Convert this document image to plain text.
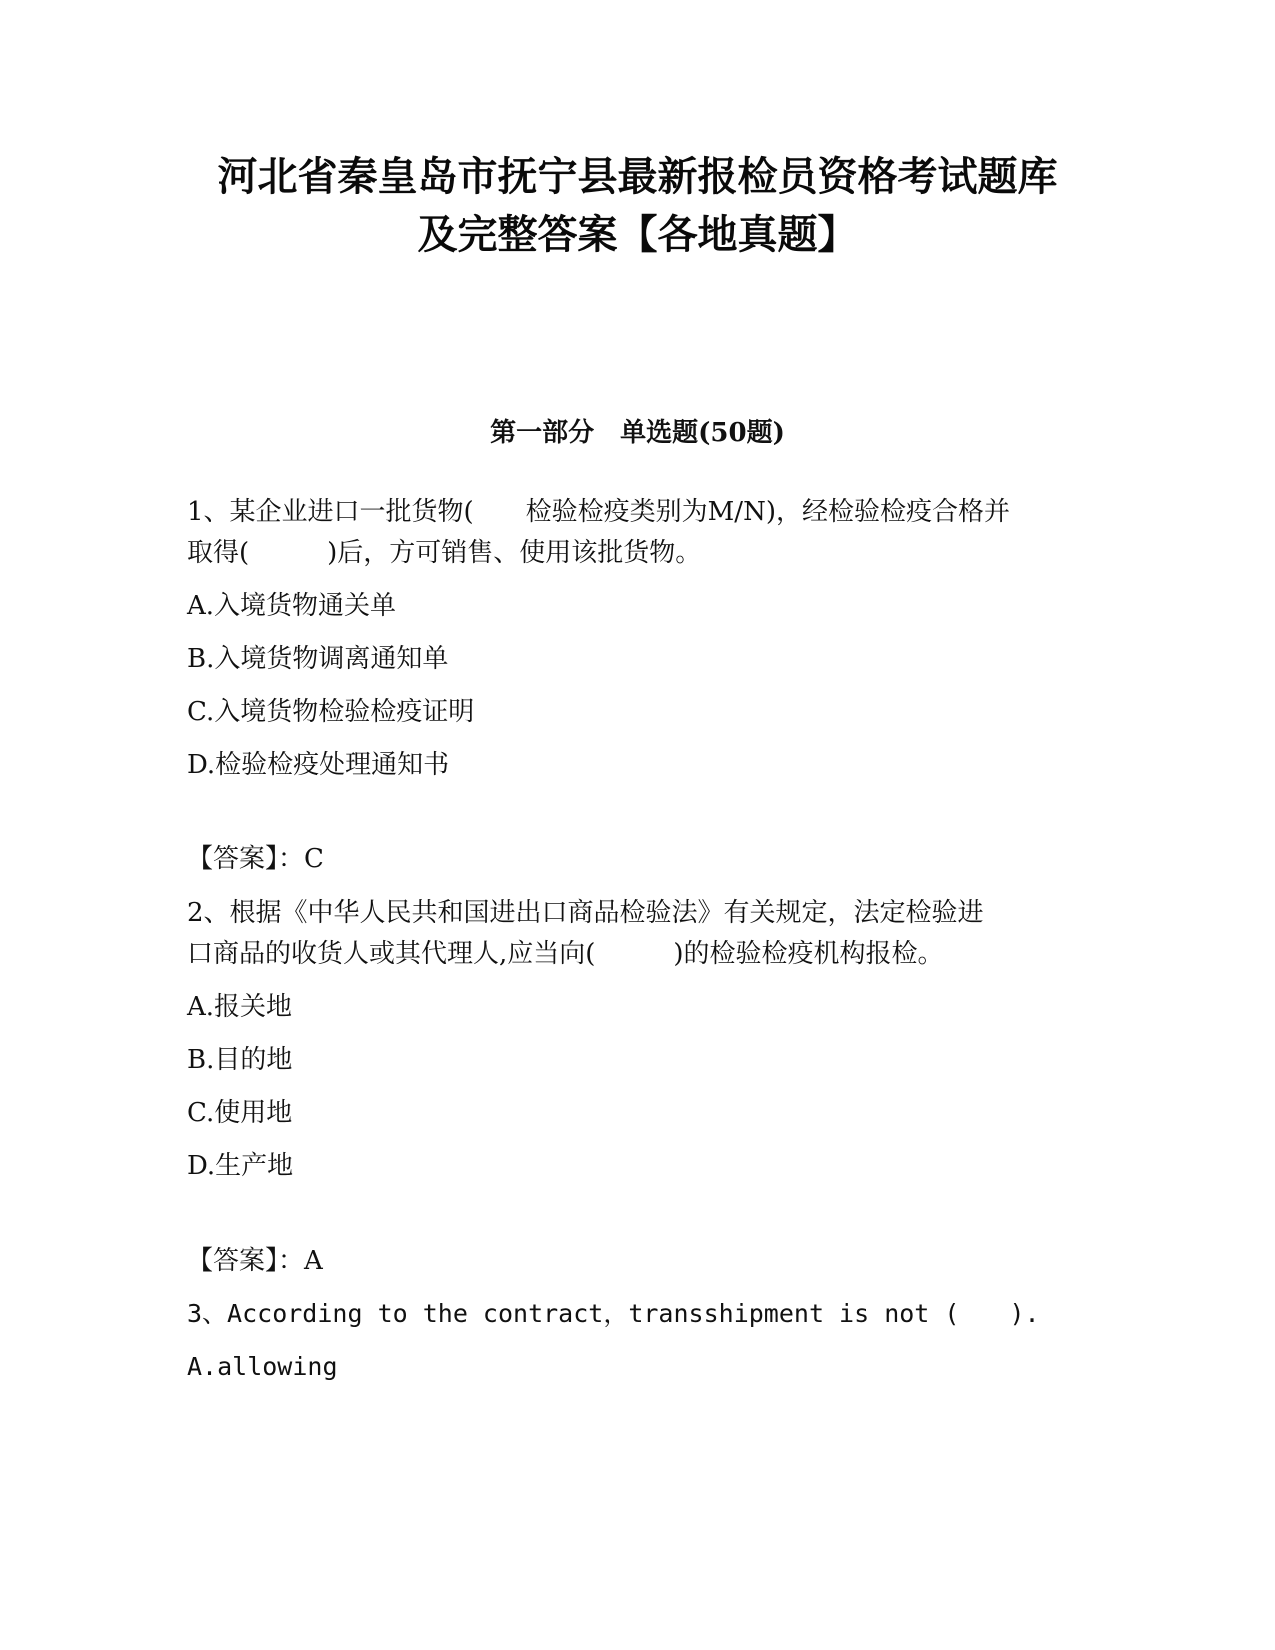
河北省秦皇岛市抚宁县最新报检员资格考试题库
及完整答案【各地真题】
第一部分　单选题(50题)

1、某企业进口一批货物(　　检验检疫类别为M/N)，经检验检疫合格并

取得(　　　)后，方可销售、使用该批货物。

A.入境货物通关单

B.入境货物调离通知单

C.入境货物检验检疫证明

D.检验检疫处理通知书

【答案】：C

2、根据《中华人民共和国进出口商品检验法》有关规定，法定检验进

口商品的收货人或其代理人,应当向(　　　)的检验检疫机构报检。

A.报关地

B.目的地

C.使用地

D.生产地

【答案】：A

3、According to the contract，transshipment is not (　　).

A.allowing
